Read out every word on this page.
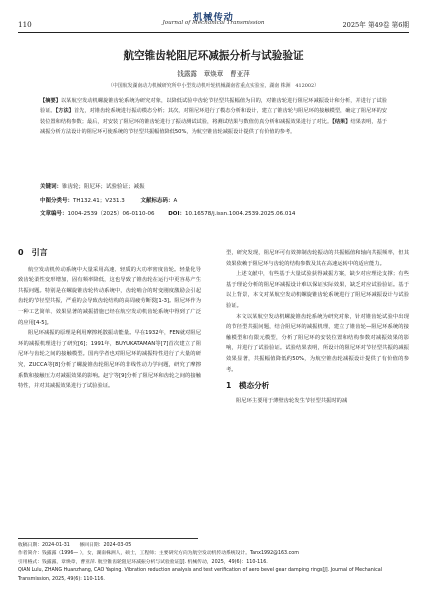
110
机械传动
Journal of Mechanical Transmission	2025年 第49卷 第6期
航空锥齿轮阻尼环减振分析与试验验证
钱露露　章焕章　曹亚萍
（中国航发湖南动力机械研究所中小型发动机叶轮机械湖南省重点实验室，湖南 株洲　412002）
【摘要】以某航空发动机螺旋锥齿轮系统为研究对象，以降低试验中齿轮节径型共振幅值为目的，对锥齿轮进行阻尼环减振设计和分析，并进行了试验验证。【方法】首先，对锥齿轮系统进行振动模态分析；其次，对阻尼环进行了模态分析和设计，建立了锥齿轮与阻尼环的接触模型，确定了阻尼环的安装位置和结构参数；最后，对安装了阻尼环的锥齿轮进行了振动测试试验，将测试结果与数值仿真分析和减振效果进行了对比。【结果】结果表明，基于减振分析方法设计的阻尼环可使系统的节径型共振幅值降低50%，为航空锥齿轮减振设计提供了有价值的参考。
关键词：锥齿轮；阻尼环；试验验证；减振
中图分类号：TH132.41；V231.3	文献标志码：A
文章编号：1004-2539（2025）06-0110-06	DOI：10.16578/j.issn.1004.2539.2025.06.014
0　引言

航空发动机传动系统中大量采用高速、轻质的大功率密度齿轮。轻量化导致齿轮柔性变形增加，固有频率降低，这也导致了锥齿轮在运行中更容易产生共振问题。特别是在螺旋锥齿轮传动系统中，齿轮啮合的时变刚度激励会引起齿轮的节径型共振，严重的会导致齿轮结构的高周疲劳断裂[1-3]。阻尼环作为一种工艺简单、效果显著的减振措施已经在航空发动机齿轮系统中得到了广泛的应用[4-5]。

阻尼环减振的原理是利用摩擦耗散振动能量。早在1932年，FEN就对阻尼环的减振机理进行了研究[6]；1991年，BUYUKATAMAN等[7]首次建立了阻尼环与齿轮之间的接触模型。国内学者也对阻尼环的减振特性进行了大量的研究，ZUCCA等[8]分析了螺旋锥齿轮阻尼环的非线性动力学问题，研究了摩擦系数和接触压力对减振效果的影响。赵宁等[9]分析了阻尼环和齿轮之间的接触特性，并对其减振效果进行了试验验证。

型，研究发现，阻尼环可有效抑制齿轮振动的共振幅值和轴向共振频率，但其效果依赖于阻尼环与齿轮的结构参数及其在高速运转中的适应能力。

上述文献中，有些基于大量试验获得减振方案，缺少对应理论支撑；有些基于理论分析的阻尼环减振设计难以保证实际效果，缺乏对应试验验证。基于以上背景，本文对某航空发动机螺旋锥齿轮系统进行了阻尼环减振设计与试验验证。

本文以某航空发动机螺旋锥齿轮系统为研究对象，针对锥齿轮试验中出现的节径型共振问题，结合阻尼环的减振机理，建立了锥齿轮—阻尼环系统的接触模型和有限元模型，分析了阻尼环的安装位置和结构参数对减振效果的影响，并进行了试验验证。试验结果表明，所设计的阻尼环对节径型共振的减振效果显著，共振幅值降低约50%，为航空锥齿轮减振设计提供了有价值的参考。

1　模态分析

阻尼环主要用于薄壁齿轮发生节径型共振时的减

收稿日期：2024-01-31　　修回日期：2024-03-05
作者简介：钱露露（1996— ），女，湖南株洲人，硕士，工程师；主要研究方向为航空发动机传动系统设计。Tanx1992@163.com
引用格式：钱露露，章焕章，曹亚萍. 航空锥齿轮阻尼环减振分析与试验验证[J]. 机械传动，2025，49(6)：110-116.
QIAN Lulu, ZHANG Huanzhang, CAO Yaping. Vibration reduction analysis and test verification of aero bevel gear damping rings[J]. Journal of Mechanical Transmission, 2025, 49(6): 110-116.
